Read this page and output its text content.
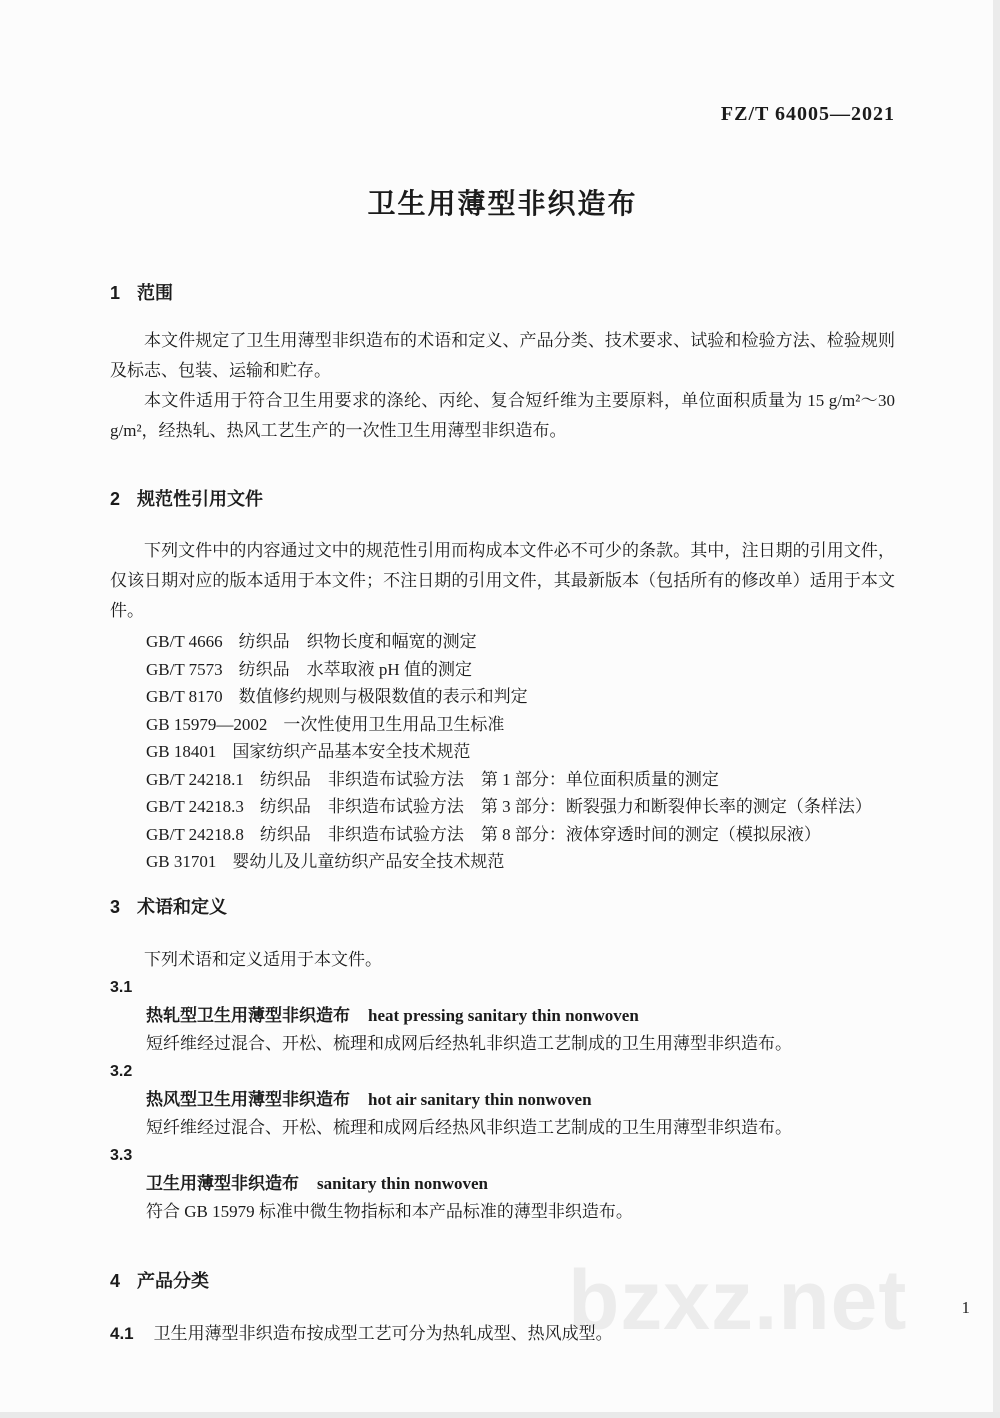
bzxz.net
FZ/T 64005—2021
卫生用薄型非织造布
1 范围

本文件规定了卫生用薄型非织造布的术语和定义、产品分类、技术要求、试验和检验方法、检验规则及标志、包装、运输和贮存。

本文件适用于符合卫生用要求的涤纶、丙纶、复合短纤维为主要原料，单位面积质量为 15 g/m²～30 g/m²，经热轧、热风工艺生产的一次性卫生用薄型非织造布。

2 规范性引用文件

下列文件中的内容通过文中的规范性引用而构成本文件必不可少的条款。其中，注日期的引用文件，仅该日期对应的版本适用于本文件；不注日期的引用文件，其最新版本（包括所有的修改单）适用于本文件。

GB/T 4666 纺织品　织物长度和幅宽的测定
GB/T 7573 纺织品　水萃取液 pH 值的测定
GB/T 8170 数值修约规则与极限数值的表示和判定
GB 15979—2002 一次性使用卫生用品卫生标准
GB 18401 国家纺织产品基本安全技术规范
GB/T 24218.1 纺织品　非织造布试验方法　第 1 部分：单位面积质量的测定
GB/T 24218.3 纺织品　非织造布试验方法　第 3 部分：断裂强力和断裂伸长率的测定（条样法）
GB/T 24218.8 纺织品　非织造布试验方法　第 8 部分：液体穿透时间的测定（模拟尿液）
GB 31701 婴幼儿及儿童纺织产品安全技术规范
3 术语和定义

下列术语和定义适用于本文件。

3.1
热轧型卫生用薄型非织造布 heat pressing sanitary thin nonwoven

短纤维经过混合、开松、梳理和成网后经热轧非织造工艺制成的卫生用薄型非织造布。

3.2
热风型卫生用薄型非织造布 hot air sanitary thin nonwoven

短纤维经过混合、开松、梳理和成网后经热风非织造工艺制成的卫生用薄型非织造布。

3.3
卫生用薄型非织造布 sanitary thin nonwoven

符合 GB 15979 标准中微生物指标和本产品标准的薄型非织造布。

4 产品分类
4.1 卫生用薄型非织造布按成型工艺可分为热轧成型、热风成型。
1
